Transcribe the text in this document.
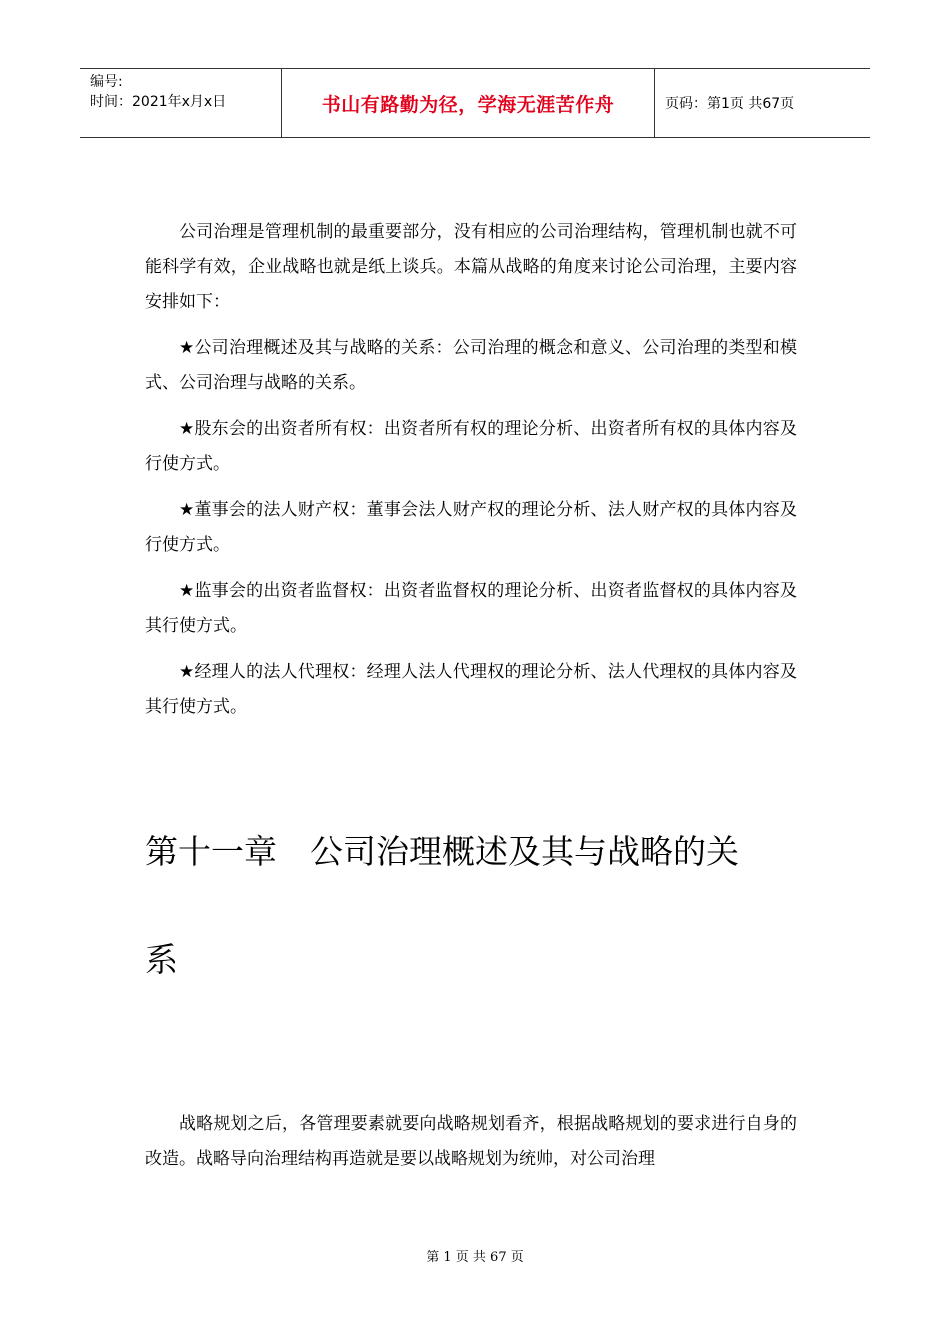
编号:
时间：2021年x月x日	书山有路勤为径，学海无涯苦作舟	页码：第1页 共67页

公司治理是管理机制的最重要部分，没有相应的公司治理结构，管理机制也就不可能科学有效，企业战略也就是纸上谈兵。本篇从战略的角度来讨论公司治理，主要内容安排如下：

★公司治理概述及其与战略的关系：公司治理的概念和意义、公司治理的类型和模式、公司治理与战略的关系。

★股东会的出资者所有权：出资者所有权的理论分析、出资者所有权的具体内容及行使方式。

★董事会的法人财产权：董事会法人财产权的理论分析、法人财产权的具体内容及行使方式。

★监事会的出资者监督权：出资者监督权的理论分析、出资者监督权的具体内容及其行使方式。

★经理人的法人代理权：经理人法人代理权的理论分析、法人代理权的具体内容及其行使方式。

第十一章　公司治理概述及其与战略的关
系

战略规划之后，各管理要素就要向战略规划看齐，根据战略规划的要求进行自身的改造。战略导向治理结构再造就是要以战略规划为统帅，对公司治理

第 1 页 共 67 页
